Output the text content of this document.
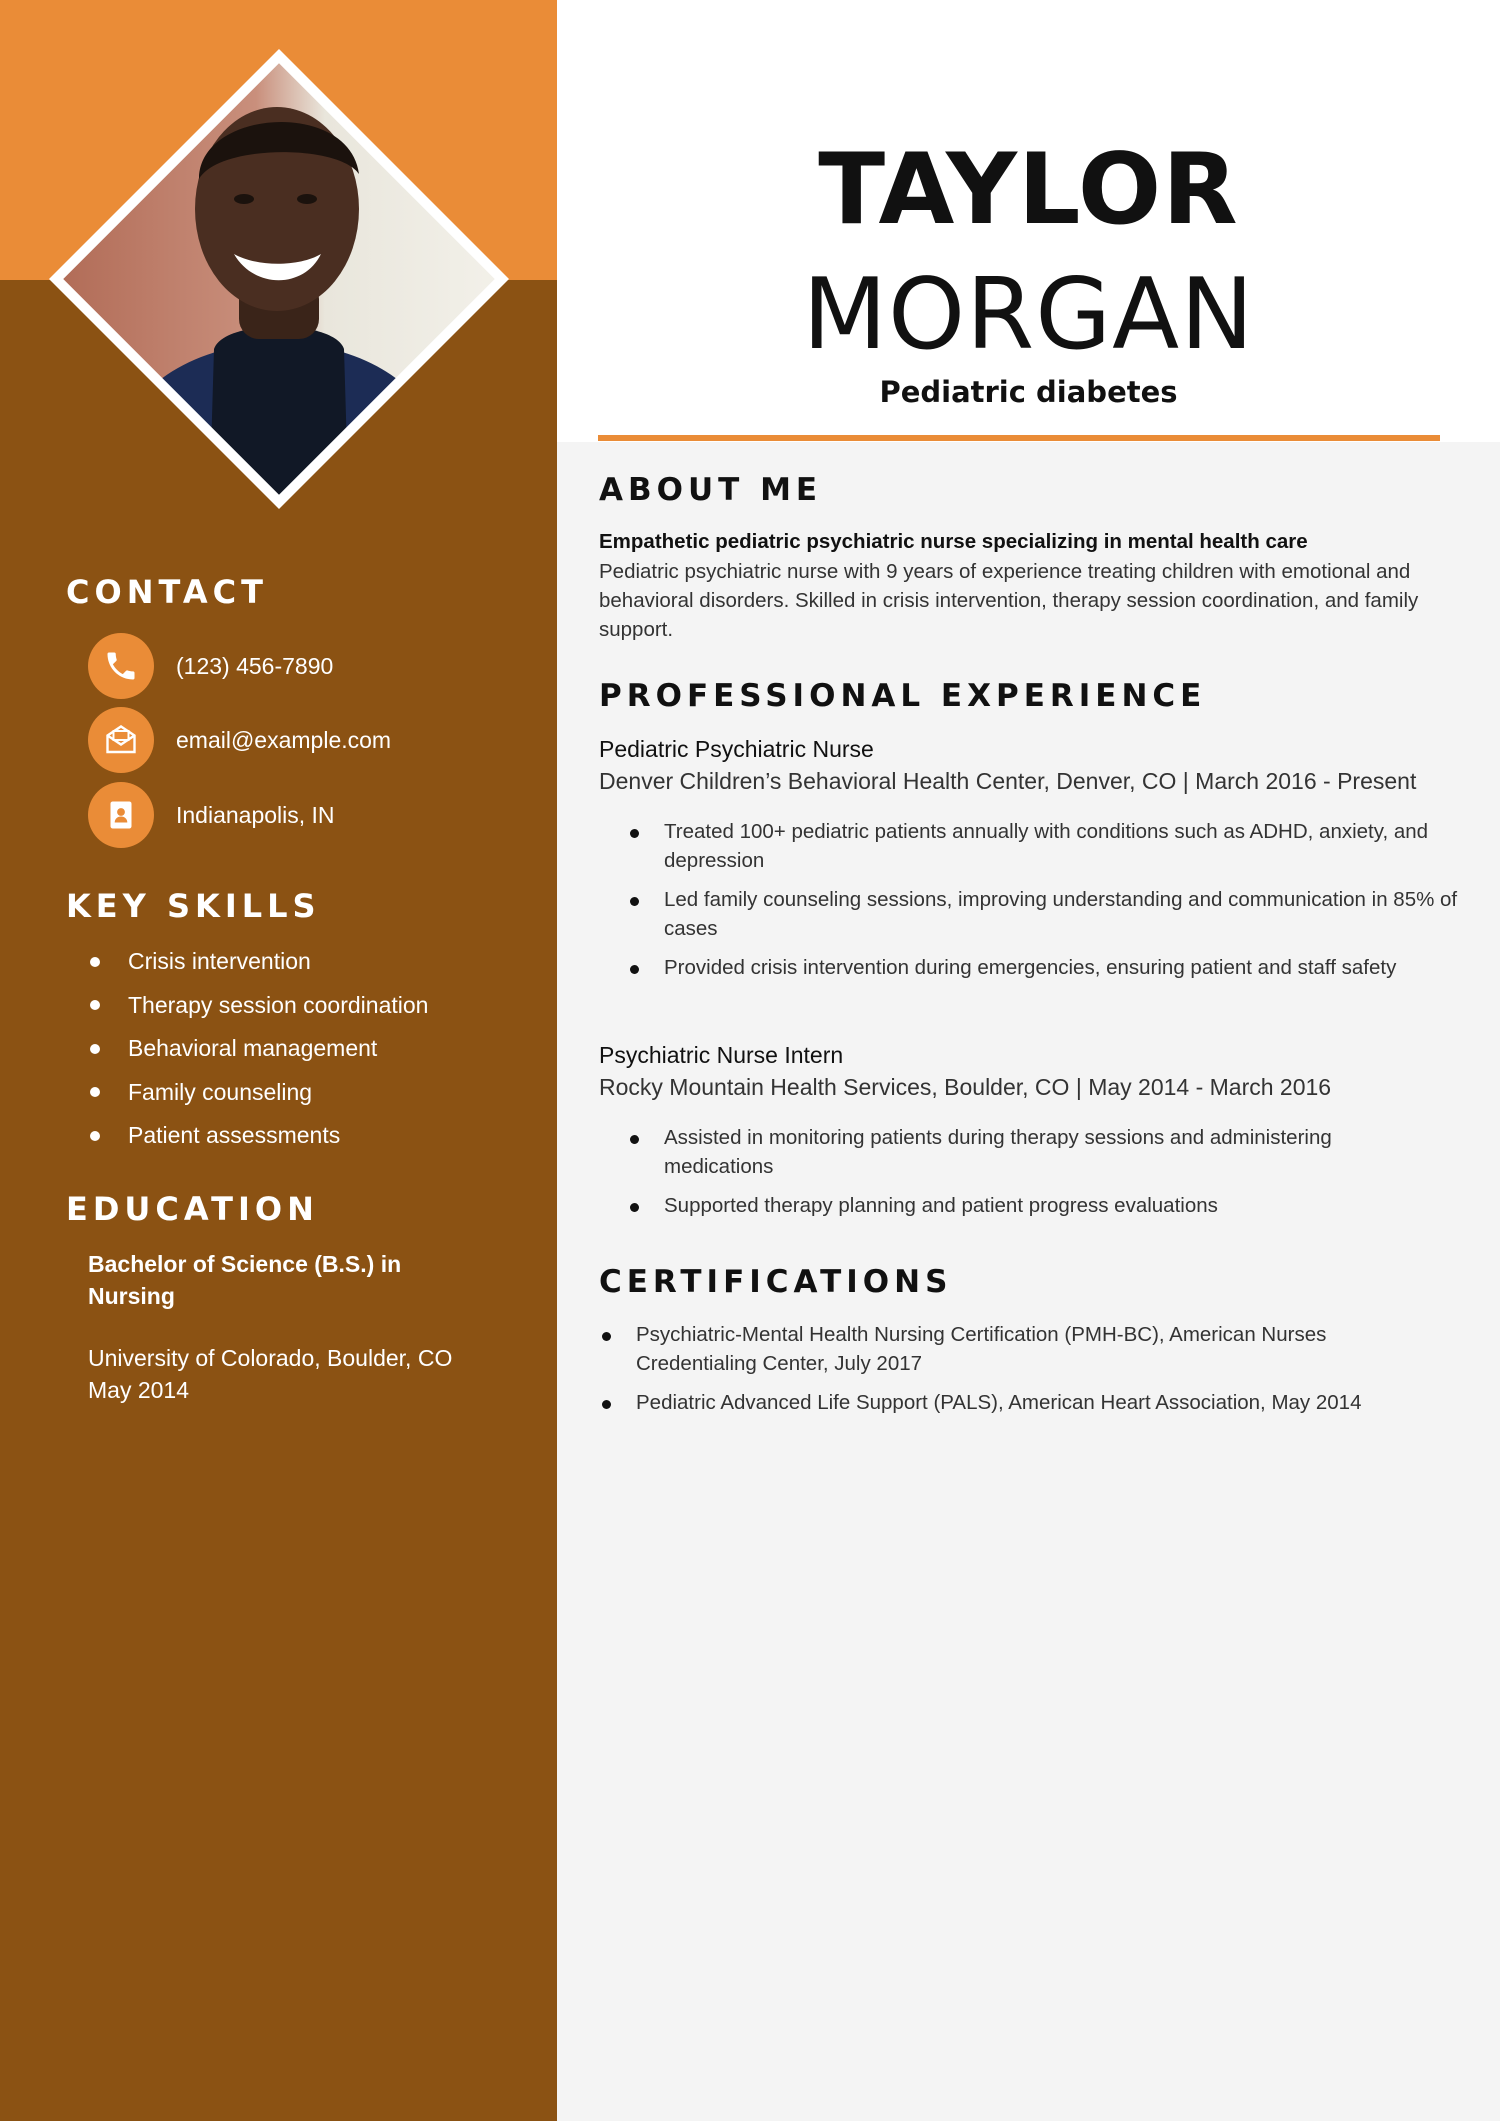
CONTACT
(123) 456-7890
email@example.com
Indianapolis, IN
KEY SKILLS
Crisis intervention
Therapy session coordination
Behavioral management
Family counseling
Patient assessments
EDUCATION
Bachelor of Science (B.S.) in Nursing
University of Colorado, Boulder, CO
May 2014
TAYLOR
MORGAN
Pediatric diabetes
ABOUT ME
Empathetic pediatric psychiatric nurse specializing in mental health care
Pediatric psychiatric nurse with 9 years of experience treating children with emotional and behavioral disorders. Skilled in crisis intervention, therapy session coordination, and family support.
PROFESSIONAL EXPERIENCE
Pediatric Psychiatric Nurse
Denver Children’s Behavioral Health Center, Denver, CO | March 2016 - Present
Treated 100+ pediatric patients annually with conditions such as ADHD, anxiety, and depression
Led family counseling sessions, improving understanding and communication in 85% of cases
Provided crisis intervention during emergencies, ensuring patient and staff safety
Psychiatric Nurse Intern
Rocky Mountain Health Services, Boulder, CO | May 2014 - March 2016
Assisted in monitoring patients during therapy sessions and administering medications
Supported therapy planning and patient progress evaluations
CERTIFICATIONS
Psychiatric-Mental Health Nursing Certification (PMH-BC), American Nurses Credentialing Center, July 2017
Pediatric Advanced Life Support (PALS), American Heart Association, May 2014
